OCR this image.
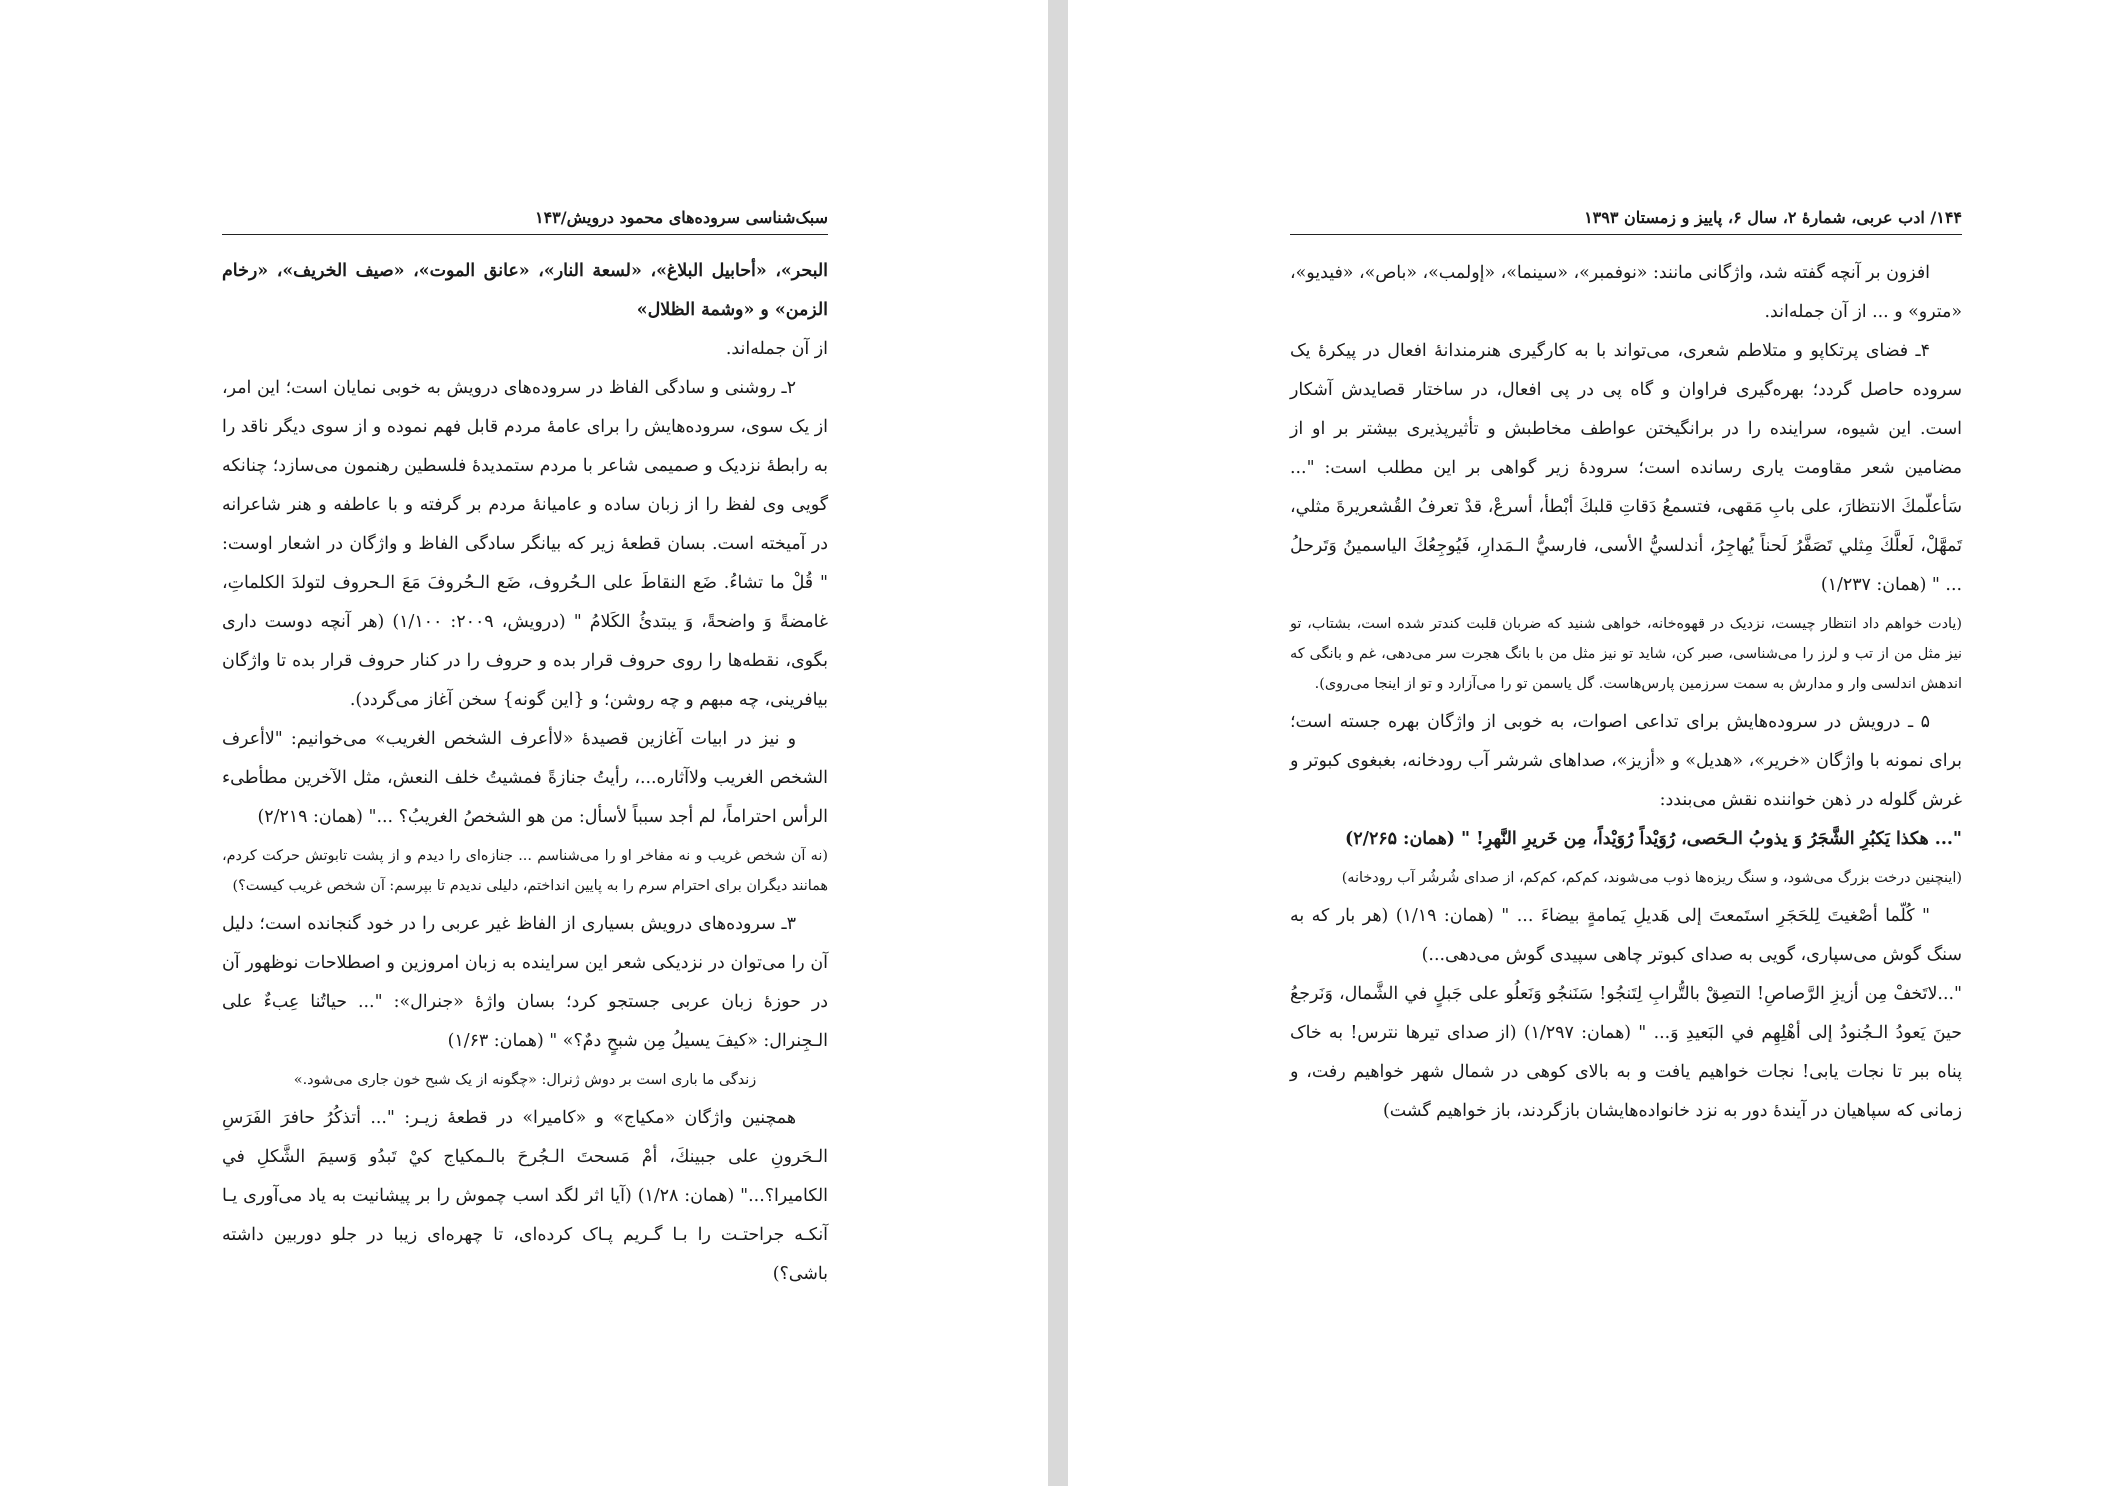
سبک‌شناسی سروده‌های محمود درویش/۱۴۳

البحر»، «أحابيل البلاغ»، «لسعة النار»، «عانق الموت»، «صيف الخريف»، «رخام الزمن» و «وشمة الظلال»

از آن جمله‌اند.

۲ـ روشنی و سادگی الفاظ در سروده‌های درویش به خوبی نمایان است؛ این امر، از یک سوی، سروده‌هایش را برای عامۀ مردم قابل فهم نموده و از سوی دیگر ناقد را به رابطۀ نزدیک و صمیمی شاعر با مردم ستمدیدۀ فلسطین رهنمون می‌سازد؛ چنانکه گویی وی لفظ را از زبان ساده و عامیانۀ مردم بر گرفته و با عاطفه و هنر شاعرانه در آمیخته است. بسان قطعۀ زیر که بیانگر سادگی الفاظ و واژگان در اشعار اوست: " قُلْ ما تشاءُ. ضَع النقاطَ على الـحُروف، ضَع الـحُروفَ مَعَ الـحروف لتولدَ الكلماتِ، غامضةً وَ واضحةً، وَ يبتدئُ الكَلامُ " (درویش، ۲۰۰۹: ۱/۱۰۰) (هر آنچه دوست داری بگوی، نقطه‌ها را روی حروف قرار بده و حروف را در کنار حروف قرار بده تا واژگان بیافرینی، چه مبهم و چه روشن؛ و {این گونه} سخن آغاز می‌گردد).

و نیز در ابیات آغازین قصیدۀ «لاأعرف الشخص الغريب» می‌خوانیم: "لاأعرف الشخص الغريب ولاآثاره...، رأيتُ جنازةً فمشيتُ خلف النعش، مثل الآخرين مطأطىء الرأس احتراماً، لم أجد سبباً لأسأل: من هو الشخصُ الغريبُ؟ ..." (همان: ۲/۲۱۹)

(نه آن شخص غریب و نه مفاخر او را می‌شناسم ... جنازه‌ای را دیدم و از پشت تابوتش حرکت کردم، همانند دیگران برای احترام سرم را به پایین انداختم، دلیلی ندیدم تا بپرسم: آن شخص غریب کیست؟)

۳ـ سروده‌های درویش بسیاری از الفاظ غیر عربی را در خود گنجانده است؛ دلیل آن را می‌توان در نزدیکی شعر این سراینده به زبان امروزین و اصطلاحات نوظهور آن در حوزۀ زبان عربی جستجو کرد؛ بسان واژۀ «جنرال»: "... حياتُنا عِبءٌ على الـجِنرال: «كيفَ يسيلُ مِن شبحٍ دمٌ؟» " (همان: ۱/۶۳)

زندگی ما باری است بر دوش ژنرال: «چگونه از یک شبح خون جاری می‌شود.»

همچنین واژگان «مکیاج» و «کامیرا» در قطعۀ زیـر: "... أتذكُرُ حافرَ الفَرَسِ الـحَرونِ على جبينكَ، أمْ مَسحتَ الـجُرحَ بالـمكياج كيْ تَبدُو وَسيمَ الشَّكلِ في الكاميرا؟..." (همان: ۱/۲۸) (آیا اثر لگد اسب چموش را بر پیشانیت به یاد می‌آوری یـا آنکـه جراحتـت را بـا گـریم پـاک کرده‌ای، تا چهره‌ای زیبا در جلو دوربین داشته باشی؟)

۱۴۴/ ادب عربی، شمارۀ ۲، سال ۶، پاییز و زمستان ۱۳۹۳

افزون بر آنچه گفته شد، واژگانی مانند: «نوفمبر»، «سینما»، «إولمب»، «باص»، «فیدیو»، «مترو» و ... از آن جمله‌اند.

۴ـ فضای پرتکاپو و متلاطم شعری، می‌تواند با به کارگیری هنرمندانۀ افعال در پیکرۀ یک سروده حاصل گردد؛ بهره‌گیری فراوان و گاه پی در پی افعال، در ساختار قصایدش آشکار است. این شیوه، سراینده را در برانگیختن عواطف مخاطبش و تأثیرپذیری بیشتر بر او از مضامین شعر مقاومت یاری رسانده است؛ سرودۀ زیر گواهی بر این مطلب است: "... سَأعلّمكَ الانتظارَ، على بابِ مَقهى، فتسمعُ دَقاتِ قلبكَ أبْطأ، أسرعْ، قدْ تعرفُ القُشعريرةَ مثلي، تَمهَّلْ، لَعلَّكَ مِثلي تَصَفَّرُ لَحناً يُهاجِرُ، أندلسيُّ الأسى، فارسيُّ الـمَدارِ، فَيُوجِعُكَ الياسمينُ وَتَرحلُ ... " (همان: ۱/۲۳۷)

(یادت خواهم داد انتظار چیست، نزدیک در قهوه‌خانه، خواهی شنید که ضربان قلبت کندتر شده است، بشتاب، تو نیز مثل من از تب و لرز را می‌شناسی، صبر کن، شاید تو نیز مثل من با بانگ هجرت سر می‌دهی، غم و بانگی که اندهش اندلسی وار و مدارش به سمت سرزمین پارس‌هاست. گل یاسمن تو را می‌آزارد و تو از اینجا می‌روی).

۵ ـ درویش در سروده‌هایش برای تداعی اصوات، به خوبی از واژگان بهره جسته است؛ برای نمونه با واژگان «خریر»، «هدیل» و «أزیز»، صداهای شرشر آب رودخانه، بغبغوی کبوتر و غرش گلوله در ذهن خواننده نقش می‌بندد:

"... هكذا يَكبُرِ الشَّجَرُ وَ يذوبُ الـحَصى، رُوَيْداً رُوَيْداً، مِن خَريرِ النَّهرِ! " (همان: ۲/۲۶۵)

(اینچنین درخت بزرگ می‌شود، و سنگ ریزه‌ها ذوب می‌شوند، کم‌کم، کم‌کم، از صدای شُرشُر آب رودخانه)

" كُلّما أصْغيتَ لِلحَجَرِ استَمعتَ إلى هَديلِ يَمامةٍ بيضاءَ ... " (همان: ۱/۱۹) (هر بار که به سنگ گوش می‌سپاری، گویی به صدای کبوتر چاهی سپیدی گوش می‌دهی...)

"...لاتَخفْ مِن أزيزِ الرَّصاصِ! التصِقْ بالتُّرابِ لِتَنجُو! سَنَنجُو وَنَعلُو على جَبلٍ في الشَّمال، وَنَرجعُ حينَ يَعودُ الـجُنودُ إلى أهْلِهِم في البَعيدِ وَ... " (همان: ۱/۲۹۷) (از صدای تیرها نترس! به خاک پناه ببر تا نجات یابی! نجات خواهیم یافت و به بالای کوهی در شمال شهر خواهیم رفت، و زمانی که سپاهیان در آیندۀ دور به نزد خانواده‌هایشان بازگردند، باز خواهیم گشت)
